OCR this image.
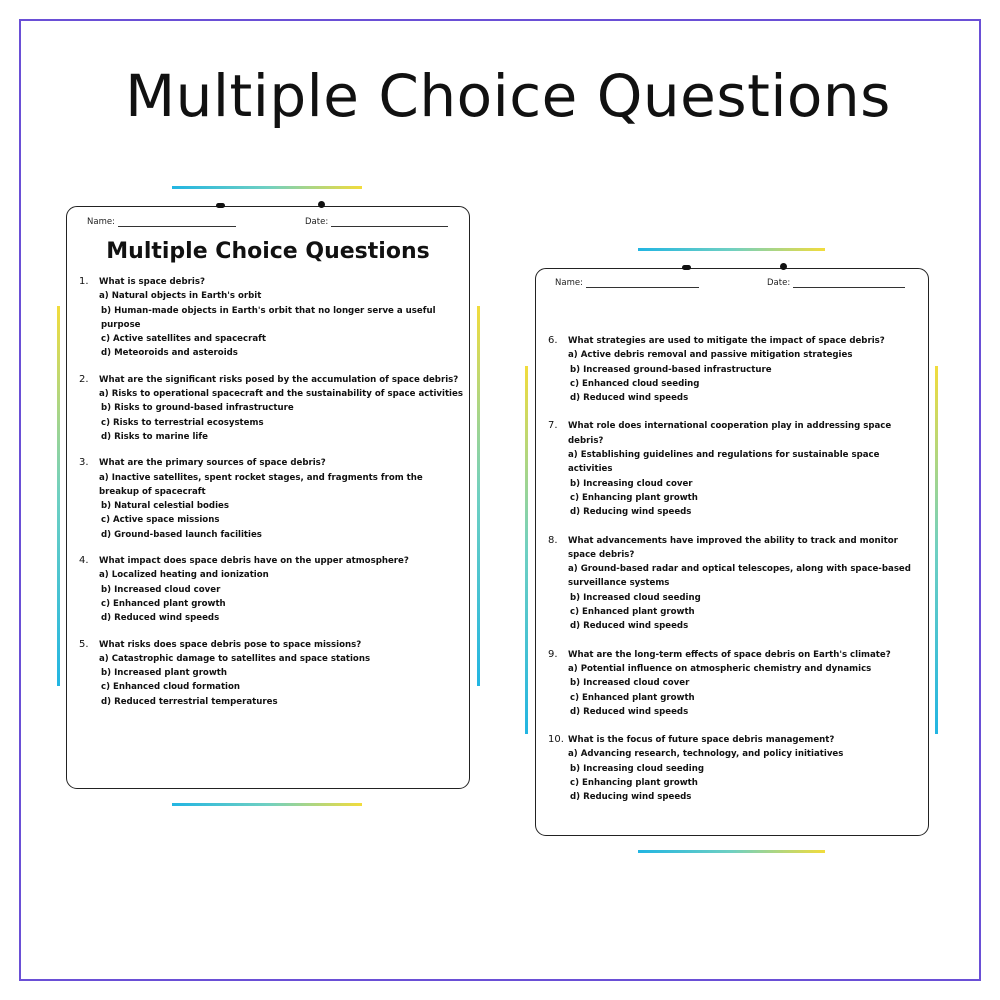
Multiple Choice Questions
Name:	Date:
Multiple Choice Questions
1. What is space debris?
a) Natural objects in Earth's orbit
b) Human-made objects in Earth's orbit that no longer serve a useful purpose
c) Active satellites and spacecraft
d) Meteoroids and asteroids
2. What are the significant risks posed by the accumulation of space debris?
a) Risks to operational spacecraft and the sustainability of space activities
b) Risks to ground-based infrastructure
c) Risks to terrestrial ecosystems
d) Risks to marine life
3. What are the primary sources of space debris?
a) Inactive satellites, spent rocket stages, and fragments from the breakup of spacecraft
b) Natural celestial bodies
c) Active space missions
d) Ground-based launch facilities
4. What impact does space debris have on the upper atmosphere?
a) Localized heating and ionization
b) Increased cloud cover
c) Enhanced plant growth
d) Reduced wind speeds
5. What risks does space debris pose to space missions?
a) Catastrophic damage to satellites and space stations
b) Increased plant growth
c) Enhanced cloud formation
d) Reduced terrestrial temperatures
Name:	Date:
6. What strategies are used to mitigate the impact of space debris?
a) Active debris removal and passive mitigation strategies
b) Increased ground-based infrastructure
c) Enhanced cloud seeding
d) Reduced wind speeds
7. What role does international cooperation play in addressing space debris?
a) Establishing guidelines and regulations for sustainable space activities
b) Increasing cloud cover
c) Enhancing plant growth
d) Reducing wind speeds
8. What advancements have improved the ability to track and monitor space debris?
a) Ground-based radar and optical telescopes, along with space-based surveillance systems
b) Increased cloud seeding
c) Enhanced plant growth
d) Reduced wind speeds
9. What are the long-term effects of space debris on Earth's climate?
a) Potential influence on atmospheric chemistry and dynamics
b) Increased cloud cover
c) Enhanced plant growth
d) Reduced wind speeds
10. What is the focus of future space debris management?
a) Advancing research, technology, and policy initiatives
b) Increasing cloud seeding
c) Enhancing plant growth
d) Reducing wind speeds
